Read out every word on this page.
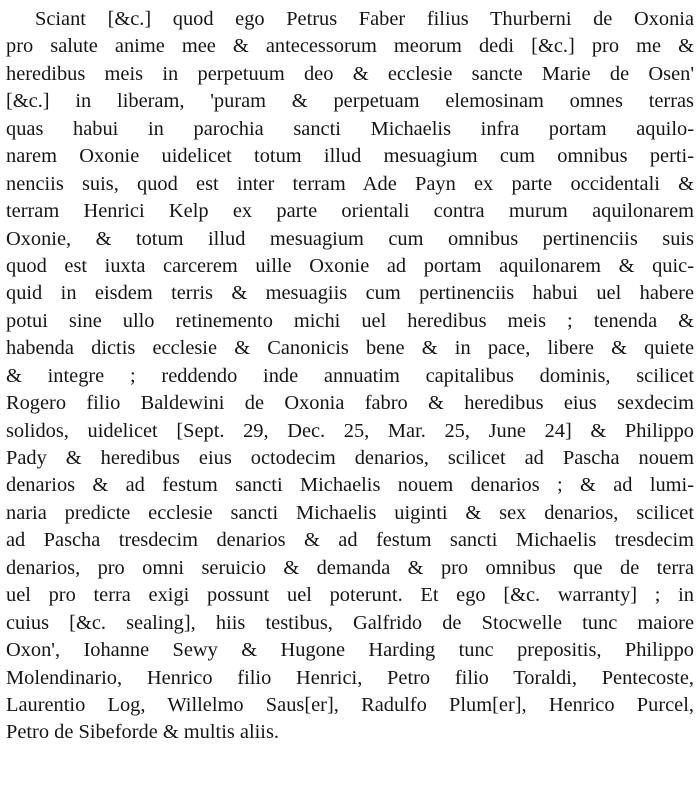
Sciant [&c.] quod ego Petrus Faber filius Thurberni de Oxonia
pro salute anime mee & antecessorum meorum dedi [&c.] pro me &
heredibus meis in perpetuum deo & ecclesie sancte Marie de Osen'
[&c.] in liberam, 'puram & perpetuam elemosinam omnes terras
quas habui in parochia sancti Michaelis infra portam aquilo-
narem Oxonie uidelicet totum illud mesuagium cum omnibus perti-
nenciis suis, quod est inter terram Ade Payn ex parte occidentali &
terram Henrici Kelp ex parte orientali contra murum aquilonarem
Oxonie, & totum illud mesuagium cum omnibus pertinenciis suis
quod est iuxta carcerem uille Oxonie ad portam aquilonarem & quic-
quid in eisdem terris & mesuagiis cum pertinenciis habui uel habere
potui sine ullo retinemento michi uel heredibus meis ; tenenda &
habenda dictis ecclesie & Canonicis bene & in pace, libere & quiete
& integre ; reddendo inde annuatim capitalibus dominis, scilicet
Rogero filio Baldewini de Oxonia fabro & heredibus eius sexdecim
solidos, uidelicet [Sept. 29, Dec. 25, Mar. 25, June 24] & Philippo
Pady & heredibus eius octodecim denarios, scilicet ad Pascha nouem
denarios & ad festum sancti Michaelis nouem denarios ; & ad lumi-
naria predicte ecclesie sancti Michaelis uiginti & sex denarios, scilicet
ad Pascha tresdecim denarios & ad festum sancti Michaelis tresdecim
denarios, pro omni seruicio & demanda & pro omnibus que de terra
uel pro terra exigi possunt uel poterunt. Et ego [&c. warranty] ; in
cuius [&c. sealing], hiis testibus, Galfrido de Stocwelle tunc maiore
Oxon', Iohanne Sewy & Hugone Harding tunc prepositis, Philippo
Molendinario, Henrico filio Henrici, Petro filio Toraldi, Pentecoste,
Laurentio Log, Willelmo Saus[er], Radulfo Plum[er], Henrico Purcel,
Petro de Sibeforde & multis aliis.
